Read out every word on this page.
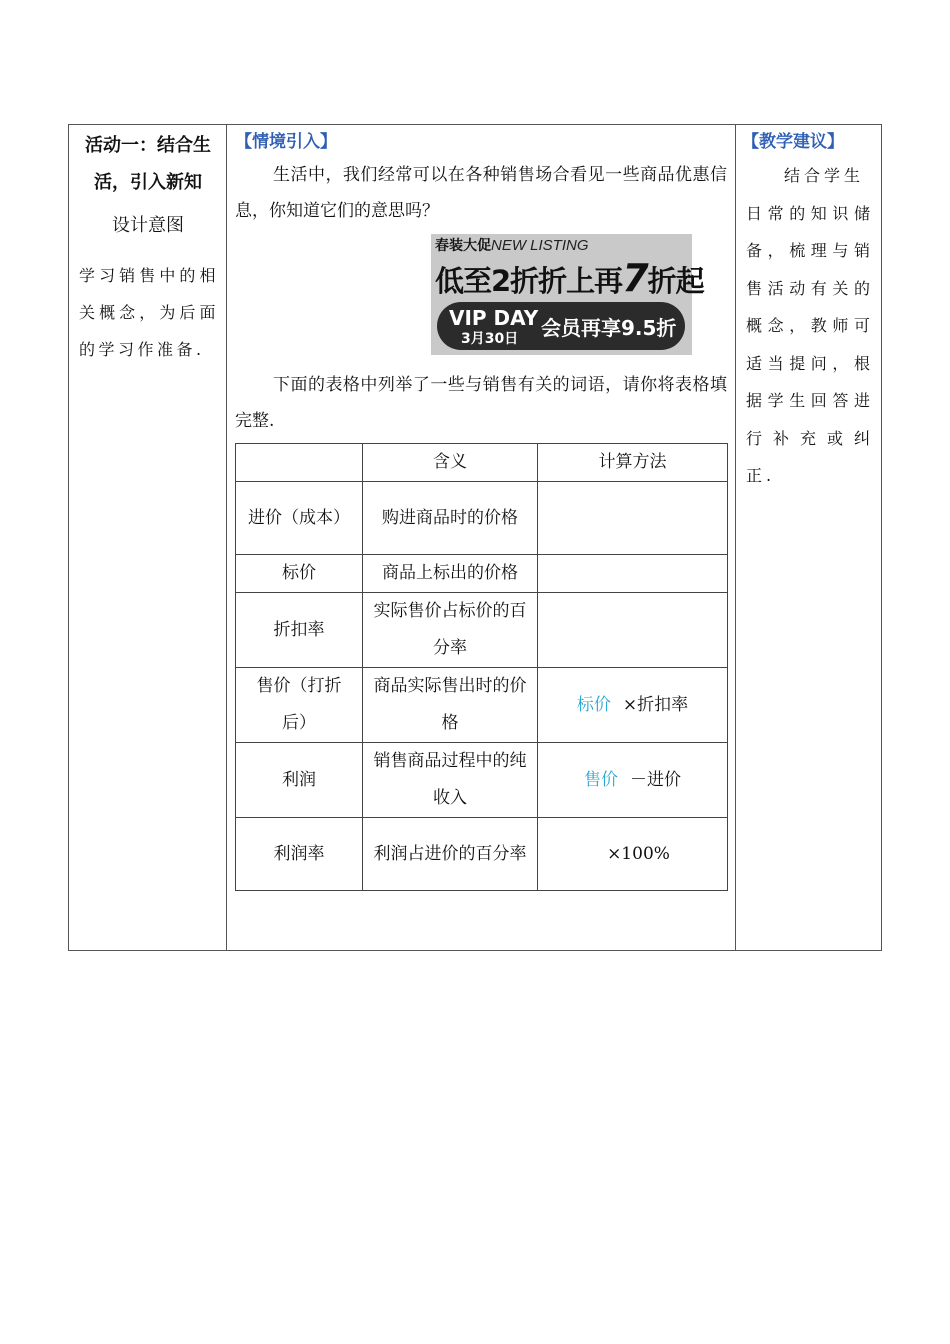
活动一：结合生活，引入新知
设计意图
学习销售中的相关概念，为后面的学习作准备.
【情境引入】
生活中，我们经常可以在各种销售场合看见一些商品优惠信息，你知道它们的意思吗？
春装大促NEW LISTING
低至2折折上再7折起
VIP DAY
3月30日 会员再享9.5折
下面的表格中列举了一些与销售有关的词语，请你将表格填完整.
	含义	计算方法
进价（成本）	购进商品时的价格	
标价	商品上标出的价格	
折扣率	实际售价占标价的百分率	
售价（打折后）	商品实际售出时的价格	标价 ×折扣率
利润	销售商品过程中的纯收入	售价 －进价
利润率	利润占进价的百分率	×100%
【教学建议】
结合学生
日常的知识储备，梳理与销售活动有关的概念，教师可适当提问，根据学生回答进行补充或纠正.
